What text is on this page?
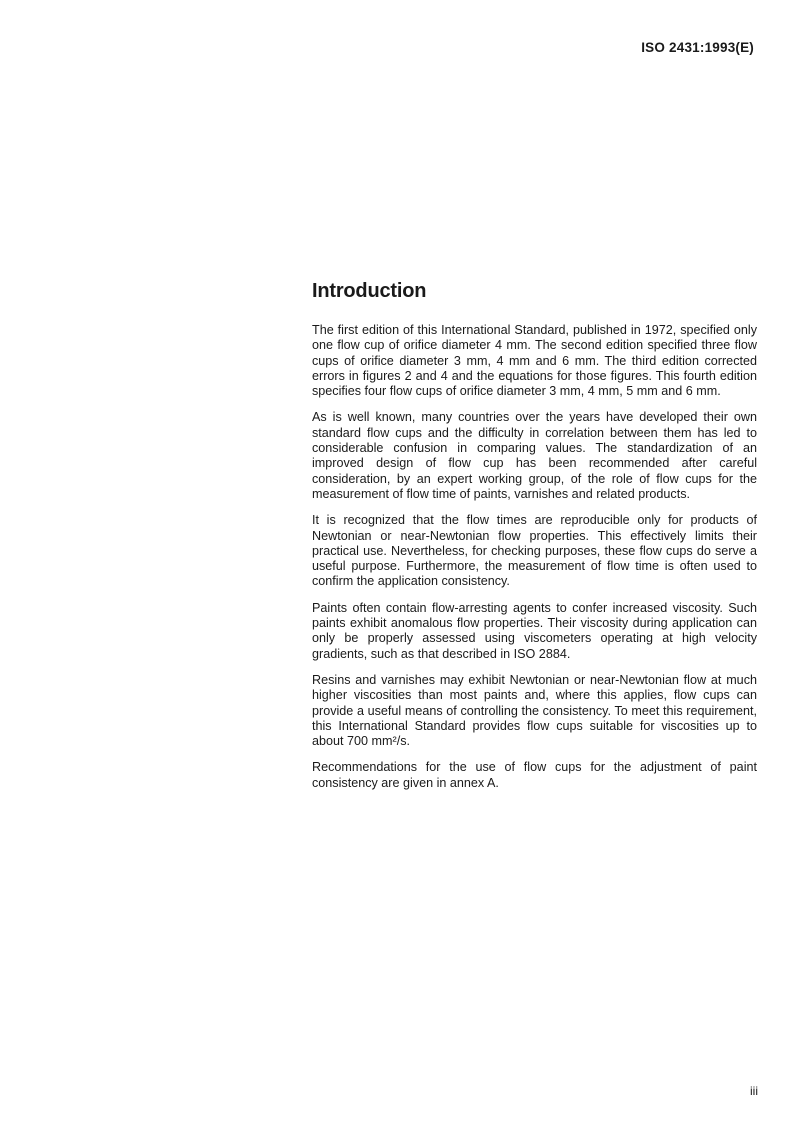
ISO 2431:1993(E)
Introduction

The first edition of this International Standard, published in 1972, specified only one flow cup of orifice diameter 4 mm. The second edition specified three flow cups of orifice diameter 3 mm, 4 mm and 6 mm. The third edition corrected errors in figures 2 and 4 and the equations for those figures. This fourth edition specifies four flow cups of orifice diameter 3 mm, 4 mm, 5 mm and 6 mm.

As is well known, many countries over the years have developed their own standard flow cups and the difficulty in correlation between them has led to considerable confusion in comparing values. The standardization of an improved design of flow cup has been recommended after careful consideration, by an expert working group, of the role of flow cups for the measurement of flow time of paints, varnishes and related products.

It is recognized that the flow times are reproducible only for products of Newtonian or near-Newtonian flow properties. This effectively limits their practical use. Nevertheless, for checking purposes, these flow cups do serve a useful purpose. Furthermore, the measurement of flow time is often used to confirm the application consistency.

Paints often contain flow-arresting agents to confer increased viscosity. Such paints exhibit anomalous flow properties. Their viscosity during application can only be properly assessed using viscometers operating at high velocity gradients, such as that described in ISO 2884.

Resins and varnishes may exhibit Newtonian or near-Newtonian flow at much higher viscosities than most paints and, where this applies, flow cups can provide a useful means of controlling the consistency. To meet this requirement, this International Standard provides flow cups suitable for viscosities up to about 700 mm²/s.

Recommendations for the use of flow cups for the adjustment of paint consistency are given in annex A.

iii
